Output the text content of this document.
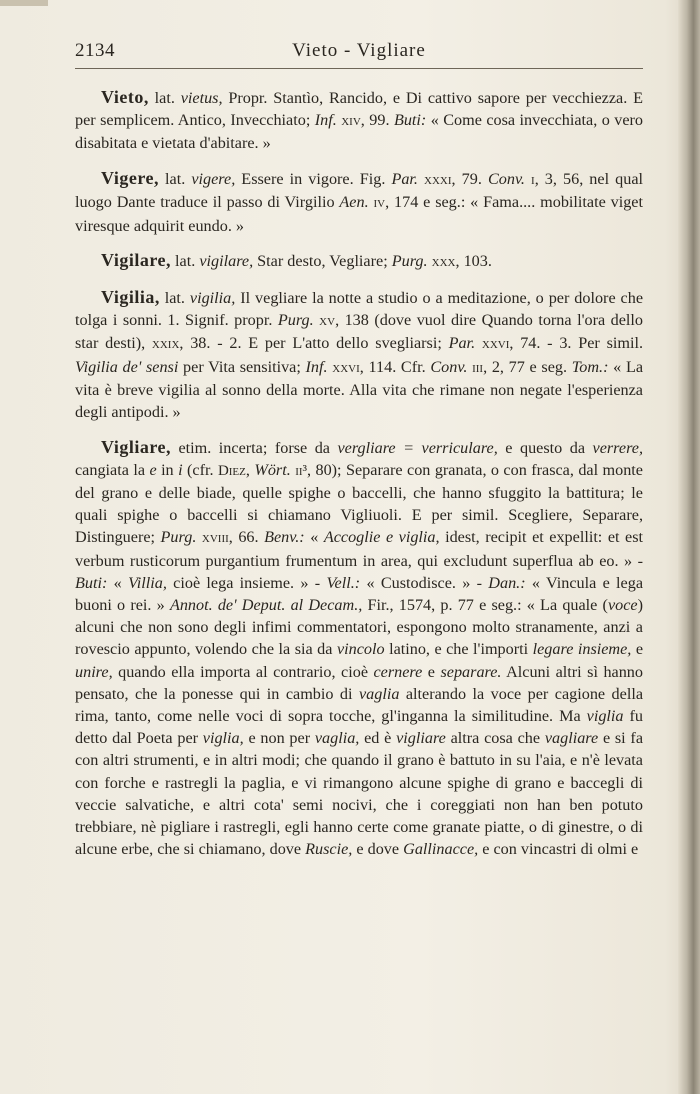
2134	Vieto - Vigliare

Vieto, lat. vietus, Propr. Stantìo, Rancido, e Di cattivo sapore per vecchiezza. E per semplicem. Antico, Invecchiato; Inf. xiv, 99. Buti: « Come cosa invecchiata, o vero disabitata e vietata d'abitare. »

Vigere, lat. vigere, Essere in vigore. Fig. Par. xxxi, 79. Conv. i, 3, 56, nel qual luogo Dante traduce il passo di Virgilio Aen. iv, 174 e seg.: « Fama.... mobilitate viget viresque adquirit eundo. »

Vigilare, lat. vigilare, Star desto, Vegliare; Purg. xxx, 103.

Vigilia, lat. vigilia, Il vegliare la notte a studio o a meditazione, o per dolore che tolga i sonni. 1. Signif. propr. Purg. xv, 138 (dove vuol dire Quando torna l'ora dello star desti), xxix, 38. - 2. E per L'atto dello svegliarsi; Par. xxvi, 74. - 3. Per simil. Vigilia de' sensi per Vita sensitiva; Inf. xxvi, 114. Cfr. Conv. iii, 2, 77 e seg. Tom.: « La vita è breve vigilia al sonno della morte. Alla vita che rimane non negate l'esperienza degli antipodi. »

Vigliare, etim. incerta; forse da vergliare = verriculare, e questo da verrere, cangiata la e in i (cfr. Diez, Wört. ii³, 80); Separare con granata, o con frasca, dal monte del grano e delle biade, quelle spighe o baccelli, che hanno sfuggito la battitura; le quali spighe o baccelli si chiamano Vigliuoli. E per simil. Scegliere, Separare, Distinguere; Purg. xviii, 66. Benv.: « Accoglie e viglia, idest, recipit et expellit: et est verbum rusticorum purgantium frumentum in area, qui excludunt superflua ab eo. » - Buti: « Villia, cioè lega insieme. » - Vell.: « Custodisce. » - Dan.: « Vincula e lega buoni o rei. » Annot. de' Deput. al Decam., Fir., 1574, p. 77 e seg.: « La quale (voce) alcuni che non sono degli infimi commentatori, espongono molto stranamente, anzi a rovescio appunto, volendo che la sia da vincolo latino, e che l'importi legare insieme, e unire, quando ella importa al contrario, cioè cernere e separare. Alcuni altri sì hanno pensato, che la ponesse qui in cambio di vaglia alterando la voce per cagione della rima, tanto, come nelle voci di sopra tocche, gl'inganna la similitudine. Ma viglia fu detto dal Poeta per viglia, e non per vaglia, ed è vigliare altra cosa che vagliare e si fa con altri strumenti, e in altri modi; che quando il grano è battuto in su l'aia, e n'è levata con forche e rastregli la paglia, e vi rimangono alcune spighe di grano e baccegli di veccie salvatiche, e altri cota' semi nocivi, che i coreggiati non han ben potuto trebbiare, nè pigliare i rastregli, egli hanno certe come granate piatte, o di ginestre, o di alcune erbe, che si chiamano, dove Ruscie, e dove Gallinacce, e con vincastri di olmi e
